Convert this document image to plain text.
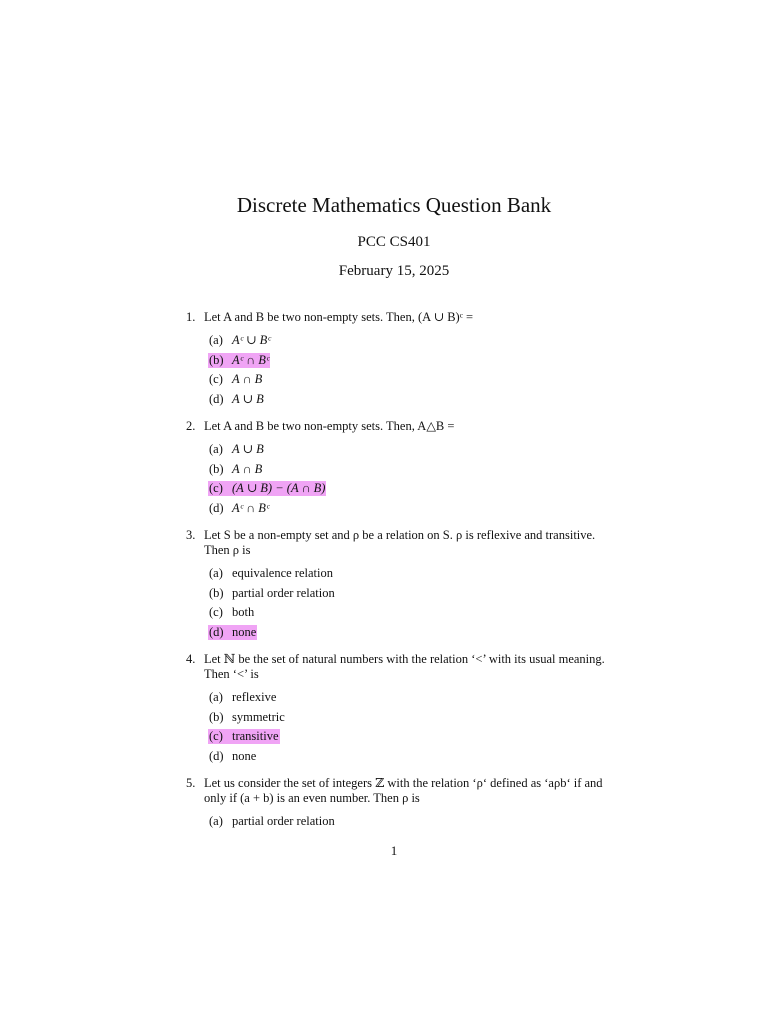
Discrete Mathematics Question Bank
PCC CS401
February 15, 2025
1. Let A and B be two non-empty sets. Then, (A ∪ B)ᶜ =
(a) Aᶜ ∪ Bᶜ
(b) Aᶜ ∩ Bᶜ
(c) A ∩ B
(d) A ∪ B
2. Let A and B be two non-empty sets. Then, A△B =
(a) A ∪ B
(b) A ∩ B
(c) (A ∪ B) − (A ∩ B)
(d) Aᶜ ∩ Bᶜ
3. Let S be a non-empty set and ρ be a relation on S. ρ is reflexive and transitive. Then ρ is
(a) equivalence relation
(b) partial order relation
(c) both
(d) none
4. Let ℕ be the set of natural numbers with the relation ‘<’ with its usual meaning. Then ‘<’ is
(a) reflexive
(b) symmetric
(c) transitive
(d) none
5. Let us consider the set of integers ℤ with the relation ‘ρ‘ defined as ‘aρb‘ if and only if (a + b) is an even number. Then ρ is
(a) partial order relation
1
